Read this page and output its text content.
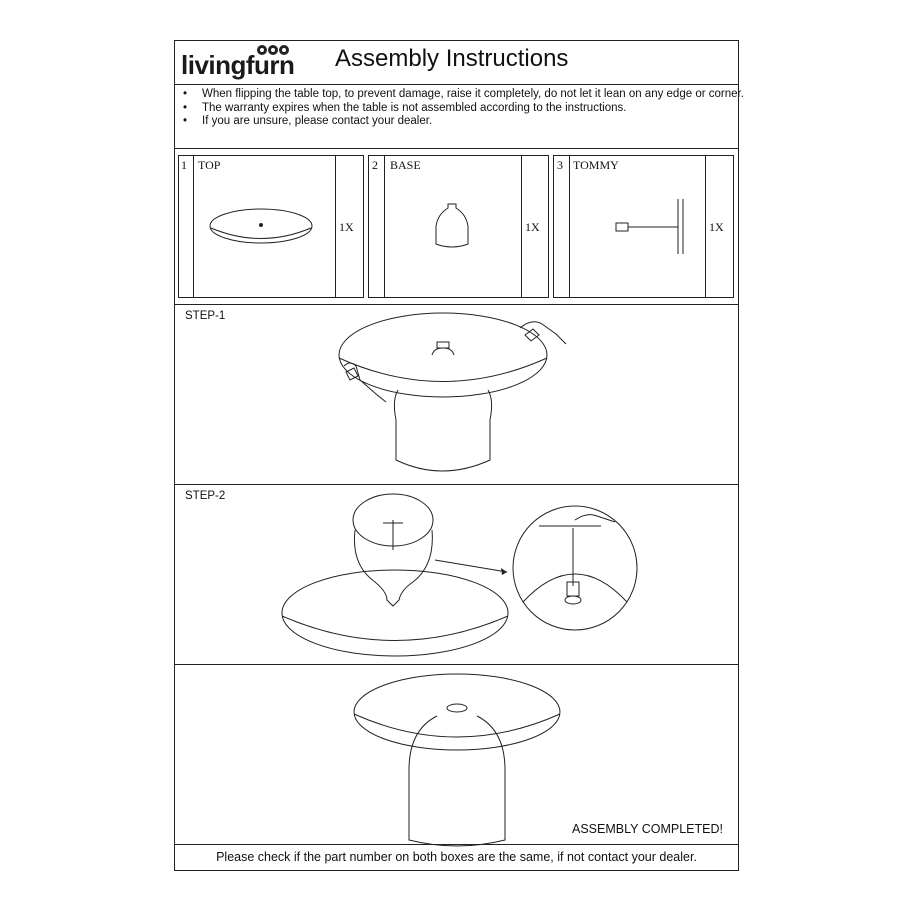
livingfurn Assembly Instructions
• When flipping the table top, to prevent damage, raise it completely, do not let it lean on any edge or corner.
• The warranty expires when the table is not assembled according to the instructions.
• If you are unsure, please contact your dealer.
1 TOP
1X
2 BASE
1X
3 TOMMY
1X
STEP-1
STEP-2
ASSEMBLY COMPLETED!
Please check if the part number on both boxes are the same, if not contact your dealer.
